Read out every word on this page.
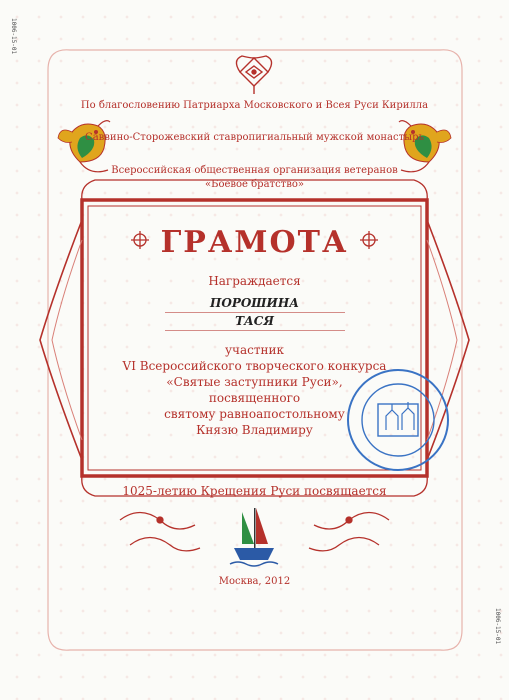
1006-15-01
1006-15-01
По благословению Патриарха Московского и Всея Руси Кирилла
Саввино-Сторожевский ставропигиальный мужской монастырь
Всероссийская общественная организация ветеранов
«Боевое братство»
ГРАМОТА
Награждается
ПОРОШИНА
ТАСЯ
участник
VI Всероссийского творческого конкурса
«Святые заступники Руси»,
посвященного
святому равноапостольному
Князю Владимиру
1025-летию Крещения Руси посвящается
Москва, 2012
